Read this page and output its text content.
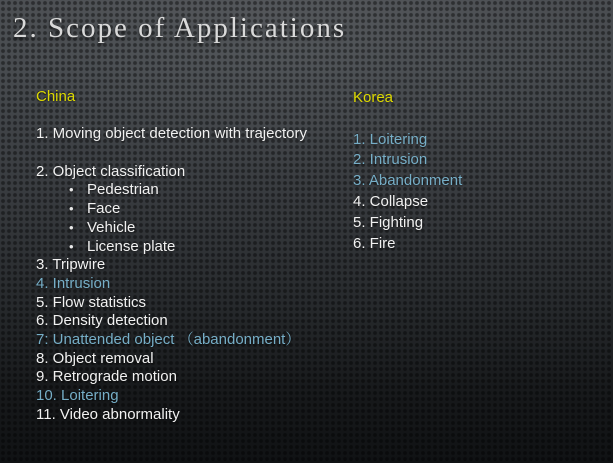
2. Scope of Applications
China
1. Moving object detection with trajectory
2. Object classification
• Pedestrian
• Face
• Vehicle
• License plate
3. Tripwire
4. Intrusion
5. Flow statistics
6. Density detection
7: Unattended object （abandonment）
8. Object removal
9. Retrograde motion
10. Loitering
11. Video abnormality
Korea
1. Loitering
2. Intrusion
3. Abandonment
4. Collapse
5. Fighting
6. Fire
